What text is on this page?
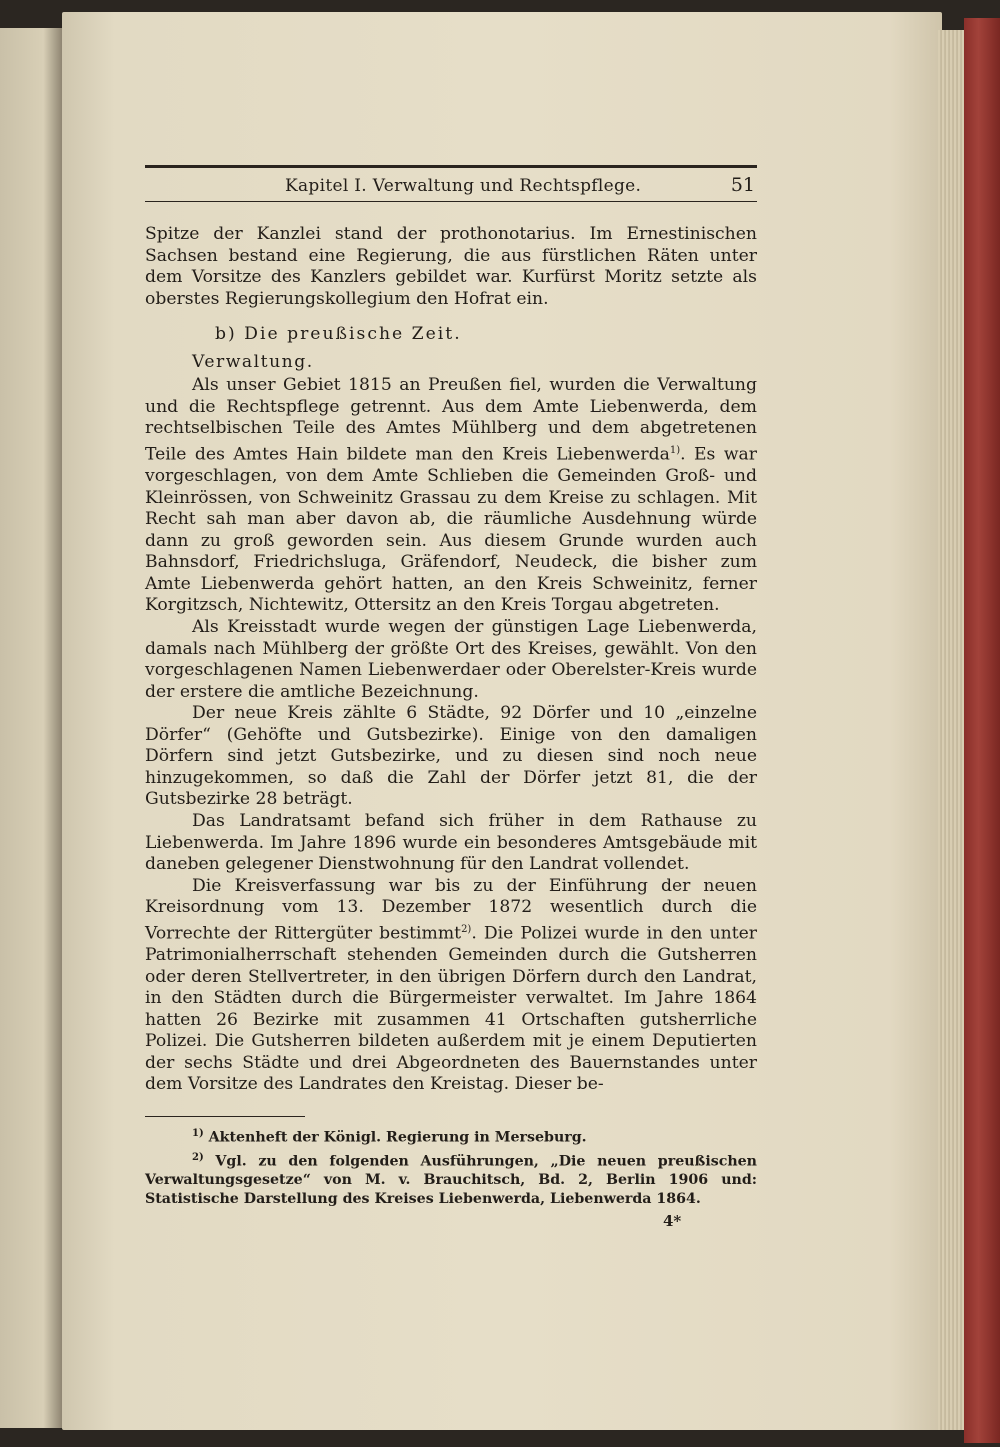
Kapitel I. Verwaltung und Rechtspflege.	51

Spitze der Kanzlei stand der prothonotarius. Im Ernestinischen Sachsen bestand eine Regierung, die aus fürstlichen Räten unter dem Vorsitze des Kanzlers gebildet war. Kurfürst Moritz setzte als oberstes Regierungskollegium den Hofrat ein.

b) Die preußische Zeit.
Verwaltung.

Als unser Gebiet 1815 an Preußen fiel, wurden die Verwaltung und die Rechtspflege getrennt. Aus dem Amte Liebenwerda, dem rechtselbischen Teile des Amtes Mühlberg und dem abgetretenen Teile des Amtes Hain bildete man den Kreis Liebenwerda$^{1)}$. Es war vorgeschlagen, von dem Amte Schlieben die Gemeinden Groß- und Kleinrössen, von Schweinitz Grassau zu dem Kreise zu schlagen. Mit Recht sah man aber davon ab, die räumliche Ausdehnung würde dann zu groß geworden sein. Aus diesem Grunde wurden auch Bahnsdorf, Friedrichsluga, Gräfendorf, Neudeck, die bisher zum Amte Liebenwerda gehört hatten, an den Kreis Schweinitz, ferner Korgitzsch, Nichtewitz, Ottersitz an den Kreis Torgau abgetreten.

Als Kreisstadt wurde wegen der günstigen Lage Liebenwerda, damals nach Mühlberg der größte Ort des Kreises, gewählt. Von den vorgeschlagenen Namen Liebenwerdaer oder Oberelster-Kreis wurde der erstere die amtliche Bezeichnung.

Der neue Kreis zählte 6 Städte, 92 Dörfer und 10 „einzelne Dörfer“ (Gehöfte und Gutsbezirke). Einige von den damaligen Dörfern sind jetzt Gutsbezirke, und zu diesen sind noch neue hinzugekommen, so daß die Zahl der Dörfer jetzt 81, die der Gutsbezirke 28 beträgt.

Das Landratsamt befand sich früher in dem Rathause zu Liebenwerda. Im Jahre 1896 wurde ein besonderes Amtsgebäude mit daneben gelegener Dienstwohnung für den Landrat vollendet.

Die Kreisverfassung war bis zu der Einführung der neuen Kreisordnung vom 13. Dezember 1872 wesentlich durch die Vorrechte der Rittergüter bestimmt$^{2)}$. Die Polizei wurde in den unter Patrimonialherrschaft stehenden Gemeinden durch die Gutsherren oder deren Stellvertreter, in den übrigen Dörfern durch den Landrat, in den Städten durch die Bürgermeister verwaltet. Im Jahre 1864 hatten 26 Bezirke mit zusammen 41 Ortschaften gutsherrliche Polizei. Die Gutsherren bildeten außerdem mit je einem Deputierten der sechs Städte und drei Abgeordneten des Bauernstandes unter dem Vorsitze des Landrates den Kreistag. Dieser be-

$^{1)}$ Aktenheft der Königl. Regierung in Merseburg.

$^{2)}$ Vgl. zu den folgenden Ausführungen, „Die neuen preußischen Verwaltungsgesetze“ von M. v. Brauchitsch, Bd. 2, Berlin 1906 und: Statistische Darstellung des Kreises Liebenwerda, Liebenwerda 1864.

4*
